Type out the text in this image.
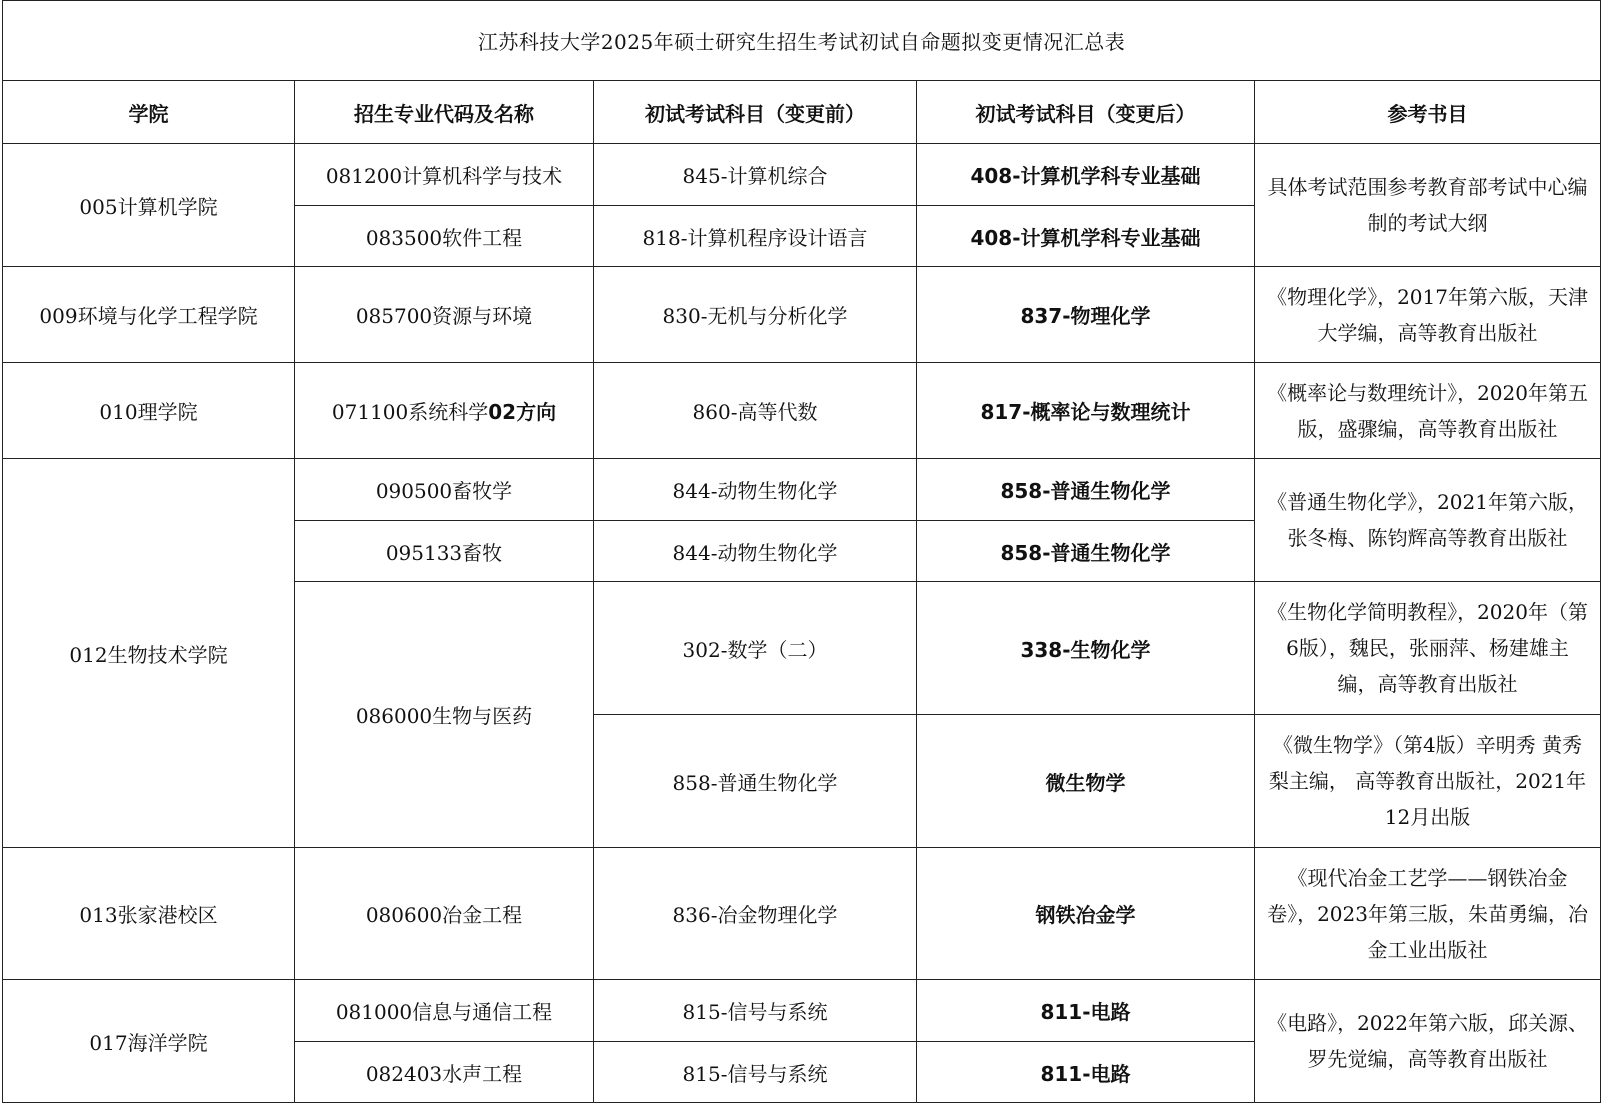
江苏科技大学2025年硕士研究生招生考试初试自命题拟变更情况汇总表				
学院	招生专业代码及名称	初试考试科目（变更前）	初试考试科目（变更后）	参考书目
005计算机学院	081200计算机科学与技术	845-计算机综合	408-计算机学科专业基础	具体考试范围参考教育部考试中心编制的考试大纲
	083500软件工程	818-计算机程序设计语言	408-计算机学科专业基础	
009环境与化学工程学院	085700资源与环境	830-无机与分析化学	837-物理化学	《物理化学》，2017年第六版，天津大学编，高等教育出版社
010理学院	071100系统科学02方向	860-高等代数	817-概率论与数理统计	《概率论与数理统计》，2020年第五版，盛骤编，高等教育出版社
012生物技术学院	090500畜牧学	844-动物生物化学	858-普通生物化学	《普通生物化学》，2021年第六版，张冬梅、陈钧辉高等教育出版社
	095133畜牧	844-动物生物化学	858-普通生物化学	
	086000生物与医药	302-数学（二）	338-生物化学	《生物化学简明教程》，2020年（第6版），魏民，张丽萍、杨建雄主编，高等教育出版社
		858-普通生物化学	微生物学	《微生物学》（第4版）辛明秀 黄秀梨主编， 高等教育出版社，2021年12月出版
013张家港校区	080600冶金工程	836-冶金物理化学	钢铁冶金学	《现代冶金工艺学——钢铁冶金卷》，2023年第三版，朱苗勇编，冶金工业出版社
017海洋学院	081000信息与通信工程	815-信号与系统	811-电路	《电路》，2022年第六版，邱关源、罗先觉编，高等教育出版社
	082403水声工程	815-信号与系统	811-电路	
